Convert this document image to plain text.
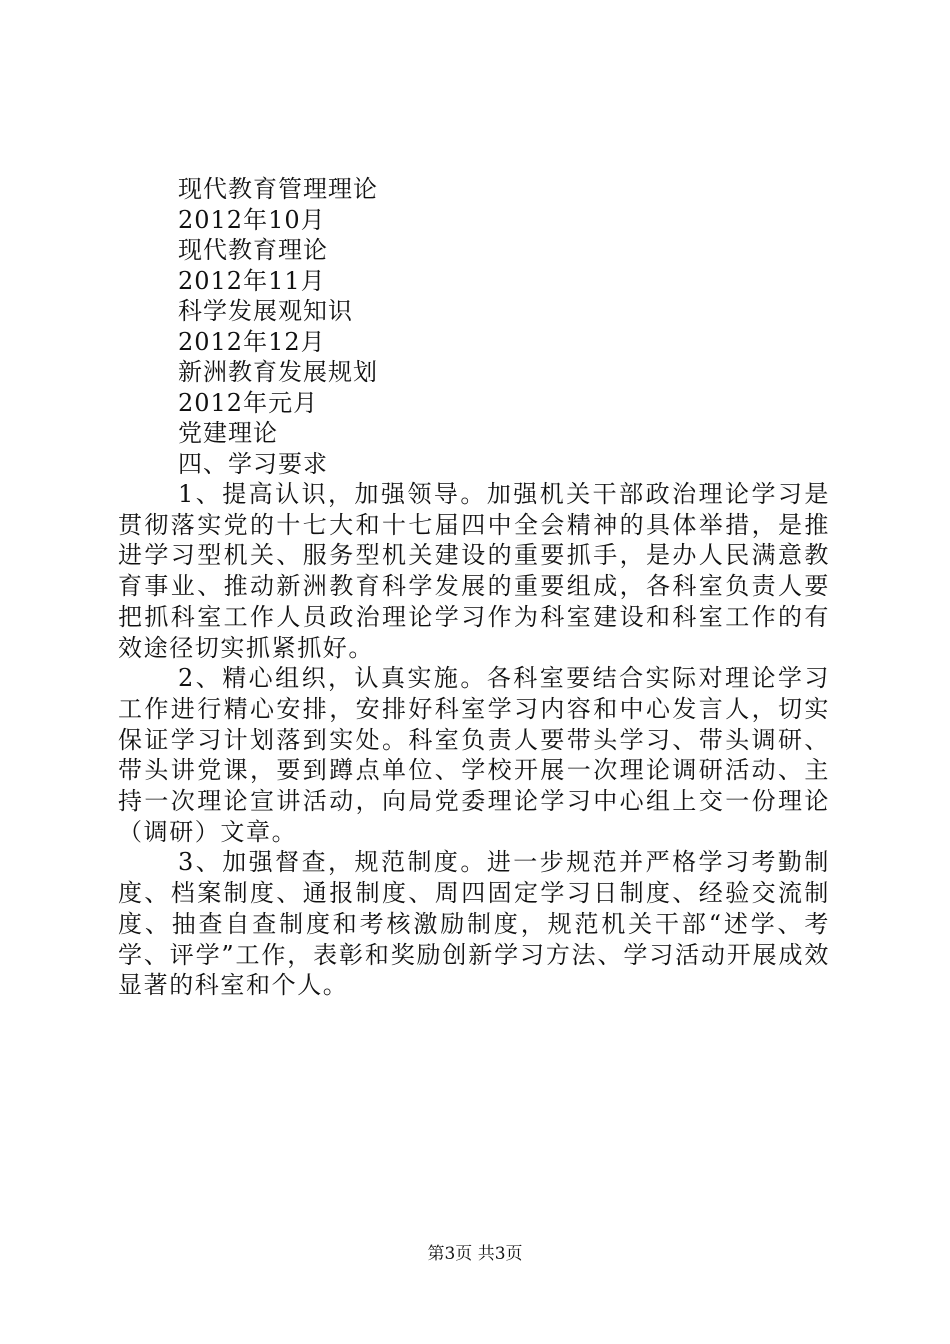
现代教育管理理论
2012年10月
现代教育理论
2012年11月
科学发展观知识
2012年12月
新洲教育发展规划
2012年元月
党建理论
四、学习要求
1、提高认识，加强领导。加强机关干部政治理论学习是贯彻落实党的十七大和十七届四中全会精神的具体举措，是推进学习型机关、服务型机关建设的重要抓手，是办人民满意教育事业、推动新洲教育科学发展的重要组成，各科室负责人要把抓科室工作人员政治理论学习作为科室建设和科室工作的有效途径切实抓紧抓好。
2、精心组织，认真实施。各科室要结合实际对理论学习工作进行精心安排，安排好科室学习内容和中心发言人，切实保证学习计划落到实处。科室负责人要带头学习、带头调研、带头讲党课，要到蹲点单位、学校开展一次理论调研活动、主持一次理论宣讲活动，向局党委理论学习中心组上交一份理论（调研）文章。
3、加强督查，规范制度。进一步规范并严格学习考勤制度、档案制度、通报制度、周四固定学习日制度、经验交流制度、抽查自查制度和考核激励制度，规范机关干部“述学、考学、评学”工作，表彰和奖励创新学习方法、学习活动开展成效显著的科室和个人。
第3页 共3页
